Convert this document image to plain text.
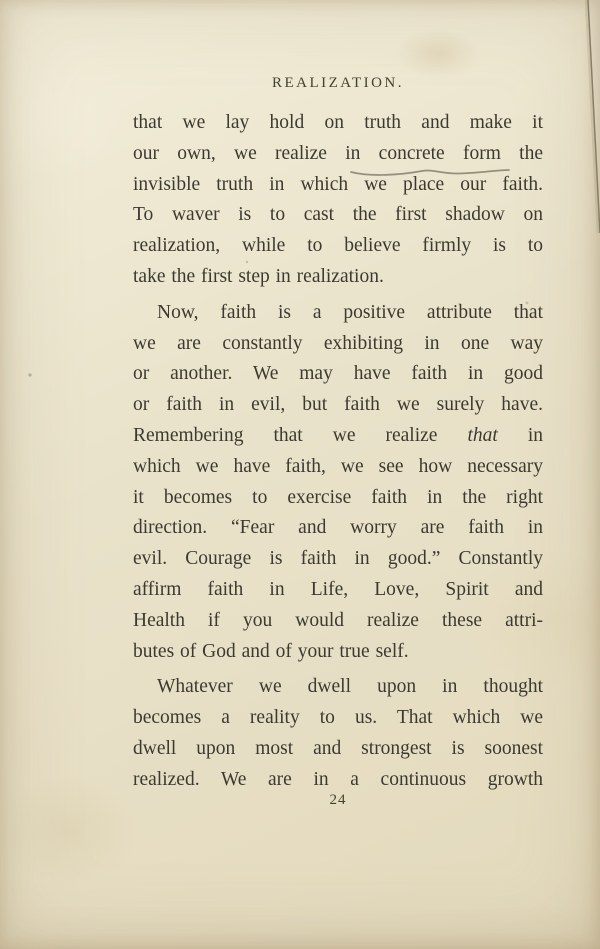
REALIZATION.
that we lay hold on truth and make it
our own, we realize in concrete form the
invisible truth in which we place our faith.
To waver is to cast the first shadow on
realization, while to believe firmly is to
take the first step in realization.
Now, faith is a positive attribute that
we are constantly exhibiting in one way
or another. We may have faith in good
or faith in evil, but faith we surely have.
Remembering that we realize that in
which we have faith, we see how necessary
it becomes to exercise faith in the right
direction. “Fear and worry are faith in
evil. Courage is faith in good.” Constantly
affirm faith in Life, Love, Spirit and
Health if you would realize these attri-
butes of God and of your true self.
Whatever we dwell upon in thought
becomes a reality to us. That which we
dwell upon most and strongest is soonest
realized. We are in a continuous growth
24
